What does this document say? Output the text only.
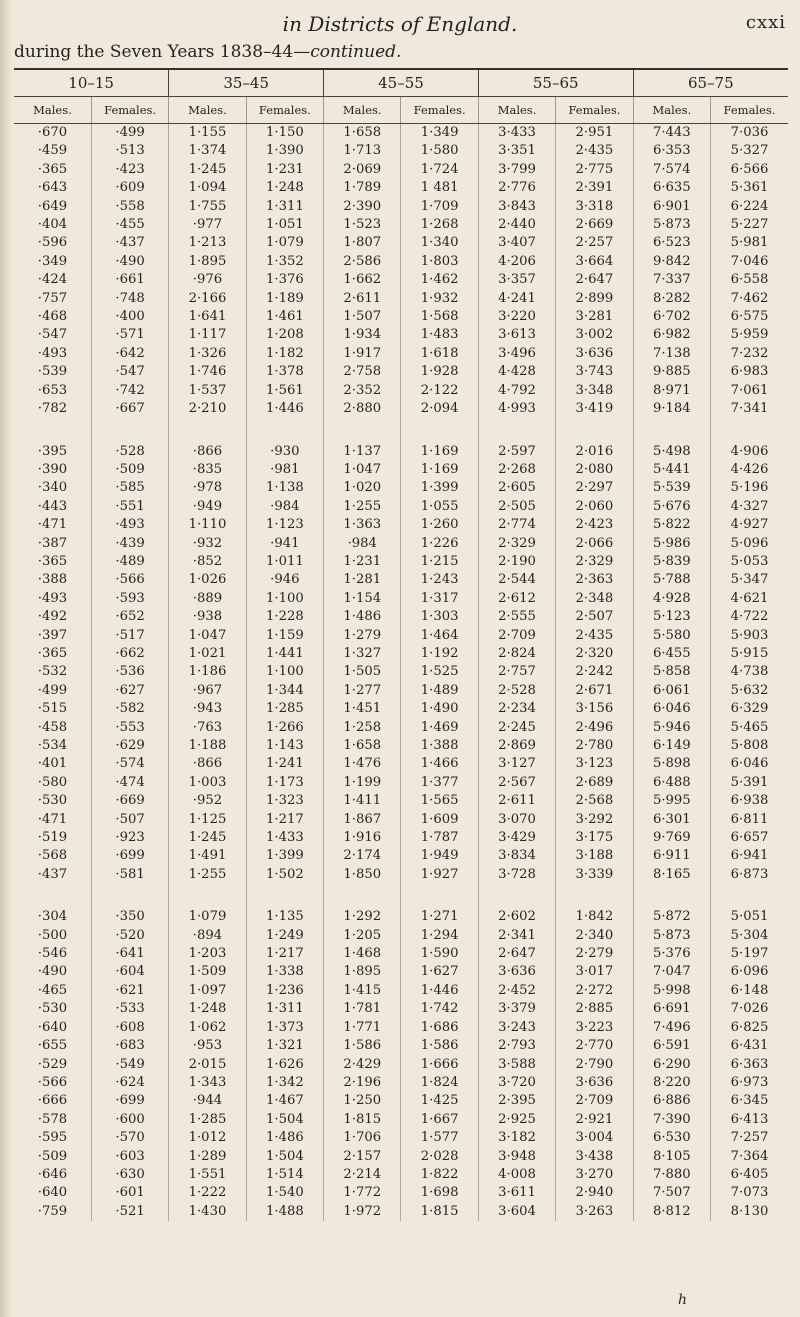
in Districts of England.	cxxi
during the Seven Years 1838–44—continued.

10–15		35–45		45–55		55–65		65–75	
Males.	Females.	Males.	Females.	Males.	Females.	Males.	Females.	Males.	Females.
·670	·499	1·155	1·150	1·658	1·349	3·433	2·951	7·443	7·036
·459	·513	1·374	1·390	1·713	1·580	3·351	2·435	6·353	5·327
·365	·423	1·245	1·231	2·069	1·724	3·799	2·775	7·574	6·566
·643	·609	1·094	1·248	1·789	1 481	2·776	2·391	6·635	5·361
·649	·558	1·755	1·311	2·390	1·709	3·843	3·318	6·901	6·224
·404	·455	·977	1·051	1·523	1·268	2·440	2·669	5·873	5·227
·596	·437	1·213	1·079	1·807	1·340	3·407	2·257	6·523	5·981
·349	·490	1·895	1·352	2·586	1·803	4·206	3·664	9·842	7·046
·424	·661	·976	1·376	1·662	1·462	3·357	2·647	7·337	6·558
·757	·748	2·166	1·189	2·611	1·932	4·241	2·899	8·282	7·462
·468	·400	1·641	1·461	1·507	1·568	3·220	3·281	6·702	6·575
·547	·571	1·117	1·208	1·934	1·483	3·613	3·002	6·982	5·959
·493	·642	1·326	1·182	1·917	1·618	3·496	3·636	7·138	7·232
·539	·547	1·746	1·378	2·758	1·928	4·428	3·743	9·885	6·983
·653	·742	1·537	1·561	2·352	2·122	4·792	3·348	8·971	7·061
·782	·667	2·210	1·446	2·880	2·094	4·993	3·419	9·184	7·341

·395	·528	·866	·930	1·137	1·169	2·597	2·016	5·498	4·906
·390	·509	·835	·981	1·047	1·169	2·268	2·080	5·441	4·426
·340	·585	·978	1·138	1·020	1·399	2·605	2·297	5·539	5·196
·443	·551	·949	·984	1·255	1·055	2·505	2·060	5·676	4·327
·471	·493	1·110	1·123	1·363	1·260	2·774	2·423	5·822	4·927
·387	·439	·932	·941	·984	1·226	2·329	2·066	5·986	5·096
·365	·489	·852	1·011	1·231	1·215	2·190	2·329	5·839	5·053
·388	·566	1·026	·946	1·281	1·243	2·544	2·363	5·788	5·347
·493	·593	·889	1·100	1·154	1·317	2·612	2·348	4·928	4·621
·492	·652	·938	1·228	1·486	1·303	2·555	2·507	5·123	4·722
·397	·517	1·047	1·159	1·279	1·464	2·709	2·435	5·580	5·903
·365	·662	1·021	1·441	1·327	1·192	2·824	2·320	6·455	5·915
·532	·536	1·186	1·100	1·505	1·525	2·757	2·242	5·858	4·738
·499	·627	·967	1·344	1·277	1·489	2·528	2·671	6·061	5·632
·515	·582	·943	1·285	1·451	1·490	2·234	3·156	6·046	6·329
·458	·553	·763	1·266	1·258	1·469	2·245	2·496	5·946	5·465
·534	·629	1·188	1·143	1·658	1·388	2·869	2·780	6·149	5·808
·401	·574	·866	1·241	1·476	1·466	3·127	3·123	5·898	6·046
·580	·474	1·003	1·173	1·199	1·377	2·567	2·689	6·488	5·391
·530	·669	·952	1·323	1·411	1·565	2·611	2·568	5·995	6·938
·471	·507	1·125	1·217	1·867	1·609	3·070	3·292	6·301	6·811
·519	·923	1·245	1·433	1·916	1·787	3·429	3·175	9·769	6·657
·568	·699	1·491	1·399	2·174	1·949	3·834	3·188	6·911	6·941
·437	·581	1·255	1·502	1·850	1·927	3·728	3·339	8·165	6·873

·304	·350	1·079	1·135	1·292	1·271	2·602	1·842	5·872	5·051
·500	·520	·894	1·249	1·205	1·294	2·341	2·340	5·873	5·304
·546	·641	1·203	1·217	1·468	1·590	2·647	2·279	5·376	5·197
·490	·604	1·509	1·338	1·895	1·627	3·636	3·017	7·047	6·096
·465	·621	1·097	1·236	1·415	1·446	2·452	2·272	5·998	6·148
·530	·533	1·248	1·311	1·781	1·742	3·379	2·885	6·691	7·026
·640	·608	1·062	1·373	1·771	1·686	3·243	3·223	7·496	6·825
·655	·683	·953	1·321	1·586	1·586	2·793	2·770	6·591	6·431
·529	·549	2·015	1·626	2·429	1·666	3·588	2·790	6·290	6·363
·566	·624	1·343	1·342	2·196	1·824	3·720	3·636	8·220	6·973
·666	·699	·944	1·467	1·250	1·425	2·395	2·709	6·886	6·345
·578	·600	1·285	1·504	1·815	1·667	2·925	2·921	7·390	6·413
·595	·570	1·012	1·486	1·706	1·577	3·182	3·004	6·530	7·257
·509	·603	1·289	1·504	2·157	2·028	3·948	3·438	8·105	7·364
·646	·630	1·551	1·514	2·214	1·822	4·008	3·270	7·880	6·405
·640	·601	1·222	1·540	1·772	1·698	3·611	2·940	7·507	7·073
·759	·521	1·430	1·488	1·972	1·815	3·604	3·263	8·812	8·130
h
